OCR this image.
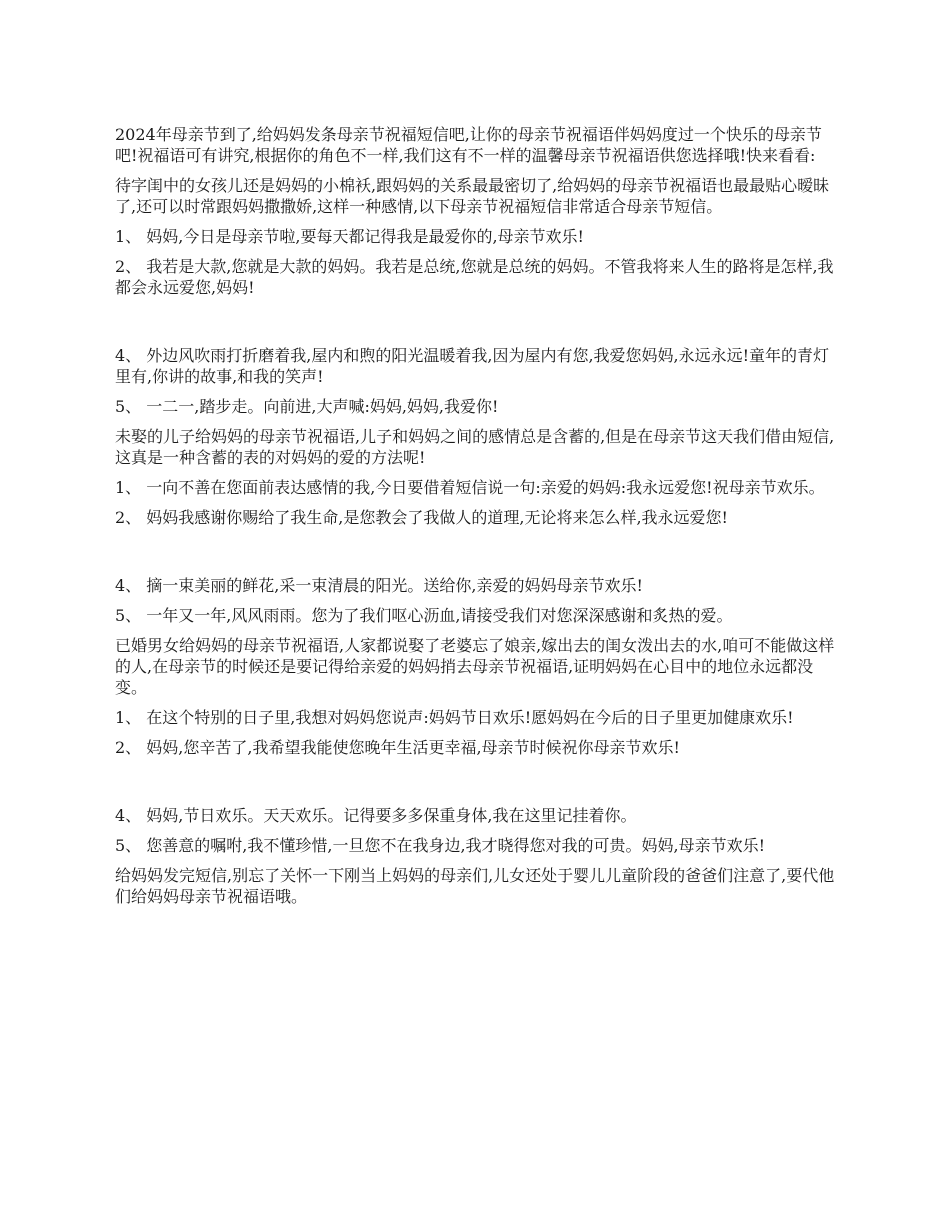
2024年母亲节到了,给妈妈发条母亲节祝福短信吧,让你的母亲节祝福语伴妈妈度过一个快乐的母亲节吧!祝福语可有讲究,根据你的角色不一样,我们这有不一样的温馨母亲节祝福语供您选择哦!快来看看:

待字闺中的女孩儿还是妈妈的小棉袄,跟妈妈的关系最最密切了,给妈妈的母亲节祝福语也最最贴心暧昧了,还可以时常跟妈妈撒撒娇,这样一种感情,以下母亲节祝福短信非常适合母亲节短信。

1、 妈妈,今日是母亲节啦,要每天都记得我是最爱你的,母亲节欢乐!

2、 我若是大款,您就是大款的妈妈。我若是总统,您就是总统的妈妈。不管我将来人生的路将是怎样,我都会永远爱您,妈妈!

4、 外边风吹雨打折磨着我,屋内和煦的阳光温暖着我,因为屋内有您,我爱您妈妈,永远永远!童年的青灯里有,你讲的故事,和我的笑声!

5、 一二一,踏步走。向前进,大声喊:妈妈,妈妈,我爱你!

未娶的儿子给妈妈的母亲节祝福语,儿子和妈妈之间的感情总是含蓄的,但是在母亲节这天我们借由短信,这真是一种含蓄的表的对妈妈的爱的方法呢!

1、 一向不善在您面前表达感情的我,今日要借着短信说一句:亲爱的妈妈:我永远爱您!祝母亲节欢乐。

2、 妈妈我感谢你赐给了我生命,是您教会了我做人的道理,无论将来怎么样,我永远爱您!

4、 摘一束美丽的鲜花,采一束清晨的阳光。送给你,亲爱的妈妈母亲节欢乐!

5、 一年又一年,风风雨雨。您为了我们呕心沥血,请接受我们对您深深感谢和炙热的爱。

已婚男女给妈妈的母亲节祝福语,人家都说娶了老婆忘了娘亲,嫁出去的闺女泼出去的水,咱可不能做这样的人,在母亲节的时候还是要记得给亲爱的妈妈捎去母亲节祝福语,证明妈妈在心目中的地位永远都没变。

1、 在这个特别的日子里,我想对妈妈您说声:妈妈节日欢乐!愿妈妈在今后的日子里更加健康欢乐!

2、 妈妈,您辛苦了,我希望我能使您晚年生活更幸福,母亲节时候祝你母亲节欢乐!

4、 妈妈,节日欢乐。天天欢乐。记得要多多保重身体,我在这里记挂着你。

5、 您善意的嘱咐,我不懂珍惜,一旦您不在我身边,我才晓得您对我的可贵。妈妈,母亲节欢乐!

给妈妈发完短信,别忘了关怀一下刚当上妈妈的母亲们,儿女还处于婴儿儿童阶段的爸爸们注意了,要代他们给妈妈母亲节祝福语哦。
